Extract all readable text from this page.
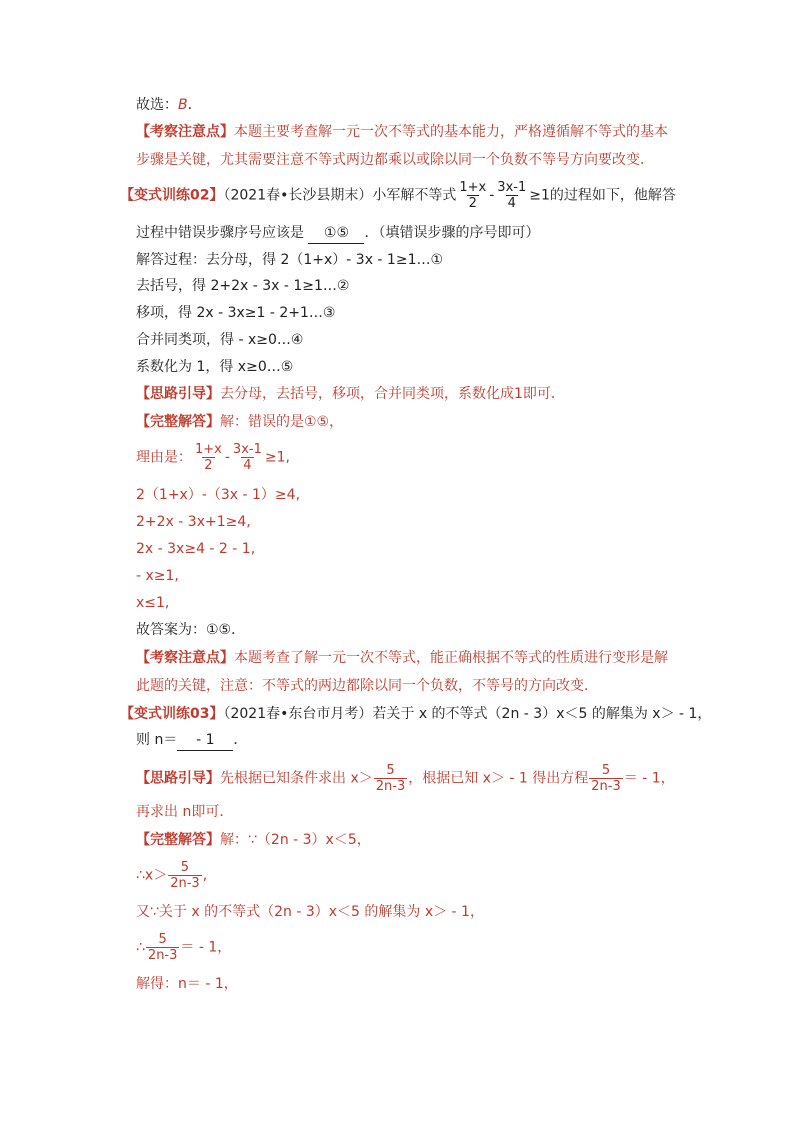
故选：B.
【考察注意点】本题主要考查解一元一次不等式的基本能力，严格遵循解不等式的基本
步骤是关键，尤其需要注意不等式两边都乘以或除以同一个负数不等号方向要改变．
【变式训练02】（2021春•长沙县期末）小军解不等式 $\frac{1+x}{2} - \frac{3x-1}{4} \ge 1$的过程如下，他解答
过程中错误步骤序号应该是 ①⑤ ．（填错误步骤的序号即可）
解答过程：去分母，得 2（1+x）- 3x - 1≥1…①
去括号，得 2+2x - 3x - 1≥1…②
移项，得 2x - 3x≥1 - 2+1…③
合并同类项，得 - x≥0…④
系数化为 1，得 x≥0…⑤
【思路引导】去分母，去括号，移项，合并同类项，系数化成1即可．
【完整解答】解：错误的是①⑤，
理由是： $\frac{1+x}{2} - \frac{3x-1}{4} \ge 1$,
2（1+x）-（3x - 1）≥4,
2+2x - 3x+1≥4,
2x - 3x≥4 - 2 - 1,
- x≥1,
x≤1,
故答案为：①⑤．
【考察注意点】本题考查了解一元一次不等式，能正确根据不等式的性质进行变形是解
此题的关键，注意：不等式的两边都除以同一个负数，不等号的方向改变．
【变式训练03】（2021春•东台市月考）若关于 x 的不等式（2n - 3）x＜5 的解集为 x＞ - 1，
则 n＝ - 1 ．
【思路引导】先根据已知条件求出 $x> \frac{5}{2n-3}$ ，根据已知 x＞ - 1 得出方程 $\frac{5}{2n-3}$ ＝ - 1，
再求出 n即可．
【完整解答】解：∵（2n - 3）x＜5，
∴x＞ $\frac{5}{2n-3}$ ,
又∵关于 x 的不等式（2n - 3）x＜5 的解集为 x＞ - 1，
∴ $\frac{5}{2n-3}$ ＝ - 1，
解得：n＝ - 1，
